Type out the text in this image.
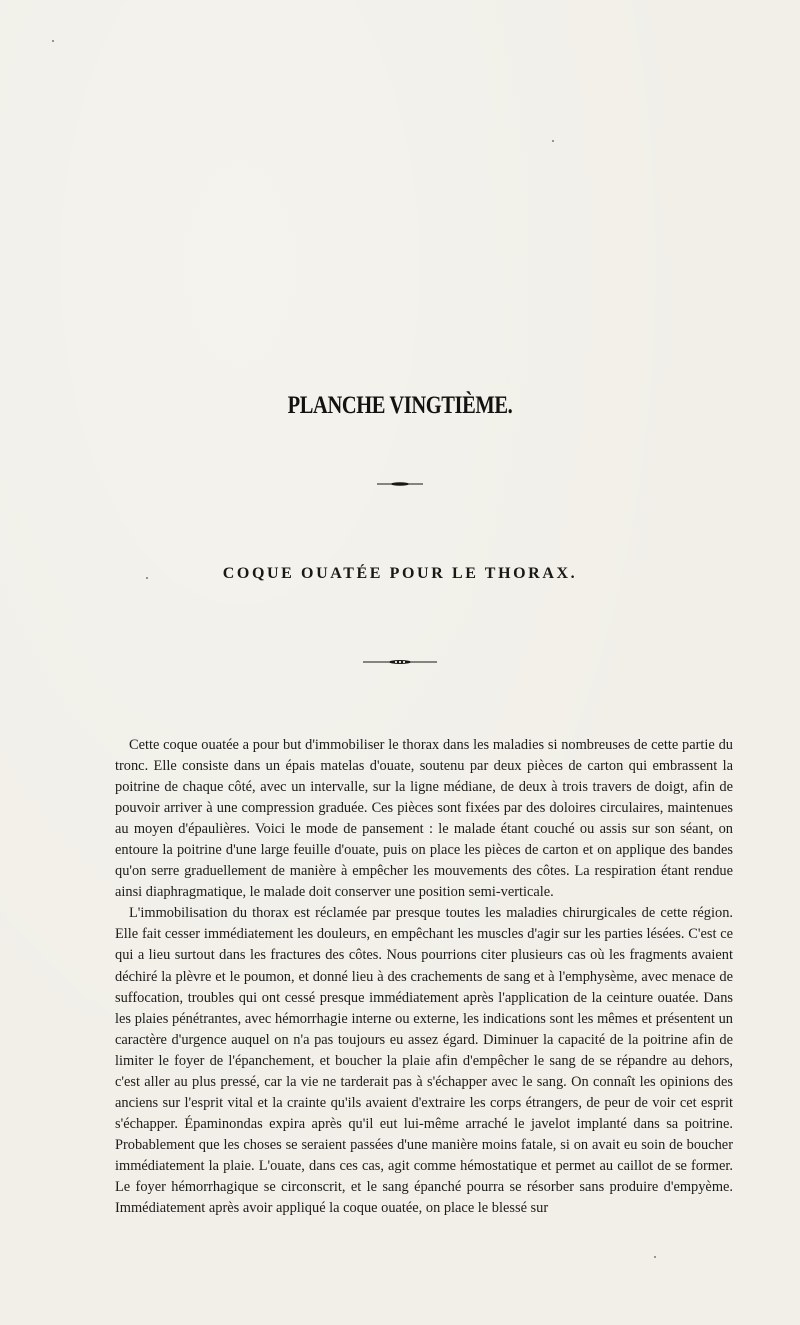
PLANCHE VINGTIÈME.
COQUE OUATÉE POUR LE THORAX.

Cette coque ouatée a pour but d'immobiliser le thorax dans les maladies si nombreuses de cette partie du tronc. Elle consiste dans un épais matelas d'ouate, soutenu par deux pièces de carton qui embrassent la poitrine de chaque côté, avec un intervalle, sur la ligne médiane, de deux à trois travers de doigt, afin de pouvoir arriver à une compression graduée. Ces pièces sont fixées par des doloires circulaires, maintenues au moyen d'épaulières. Voici le mode de pansement : le malade étant couché ou assis sur son séant, on entoure la poitrine d'une large feuille d'ouate, puis on place les pièces de carton et on applique des bandes qu'on serre graduellement de manière à empêcher les mouvements des côtes. La respiration étant rendue ainsi diaphragmatique, le malade doit conserver une position semi-verticale.

L'immobilisation du thorax est réclamée par presque toutes les maladies chirurgicales de cette région. Elle fait cesser immédiatement les douleurs, en empêchant les muscles d'agir sur les parties lésées. C'est ce qui a lieu surtout dans les fractures des côtes. Nous pourrions citer plusieurs cas où les fragments avaient déchiré la plèvre et le poumon, et donné lieu à des crachements de sang et à l'emphysème, avec menace de suffocation, troubles qui ont cessé presque immédiatement après l'application de la ceinture ouatée. Dans les plaies pénétrantes, avec hémorrhagie interne ou externe, les indications sont les mêmes et présentent un caractère d'urgence auquel on n'a pas toujours eu assez égard. Diminuer la capacité de la poitrine afin de limiter le foyer de l'épanchement, et boucher la plaie afin d'empêcher le sang de se répandre au dehors, c'est aller au plus pressé, car la vie ne tarderait pas à s'échapper avec le sang. On connaît les opinions des anciens sur l'esprit vital et la crainte qu'ils avaient d'extraire les corps étrangers, de peur de voir cet esprit s'échapper. Épaminondas expira après qu'il eut lui-même arraché le javelot implanté dans sa poitrine. Probablement que les choses se seraient passées d'une manière moins fatale, si on avait eu soin de boucher immédiatement la plaie. L'ouate, dans ces cas, agit comme hémostatique et permet au caillot de se former. Le foyer hémorrhagique se circonscrit, et le sang épanché pourra se résorber sans produire d'empyème. Immédiatement après avoir appliqué la coque ouatée, on place le blessé sur
